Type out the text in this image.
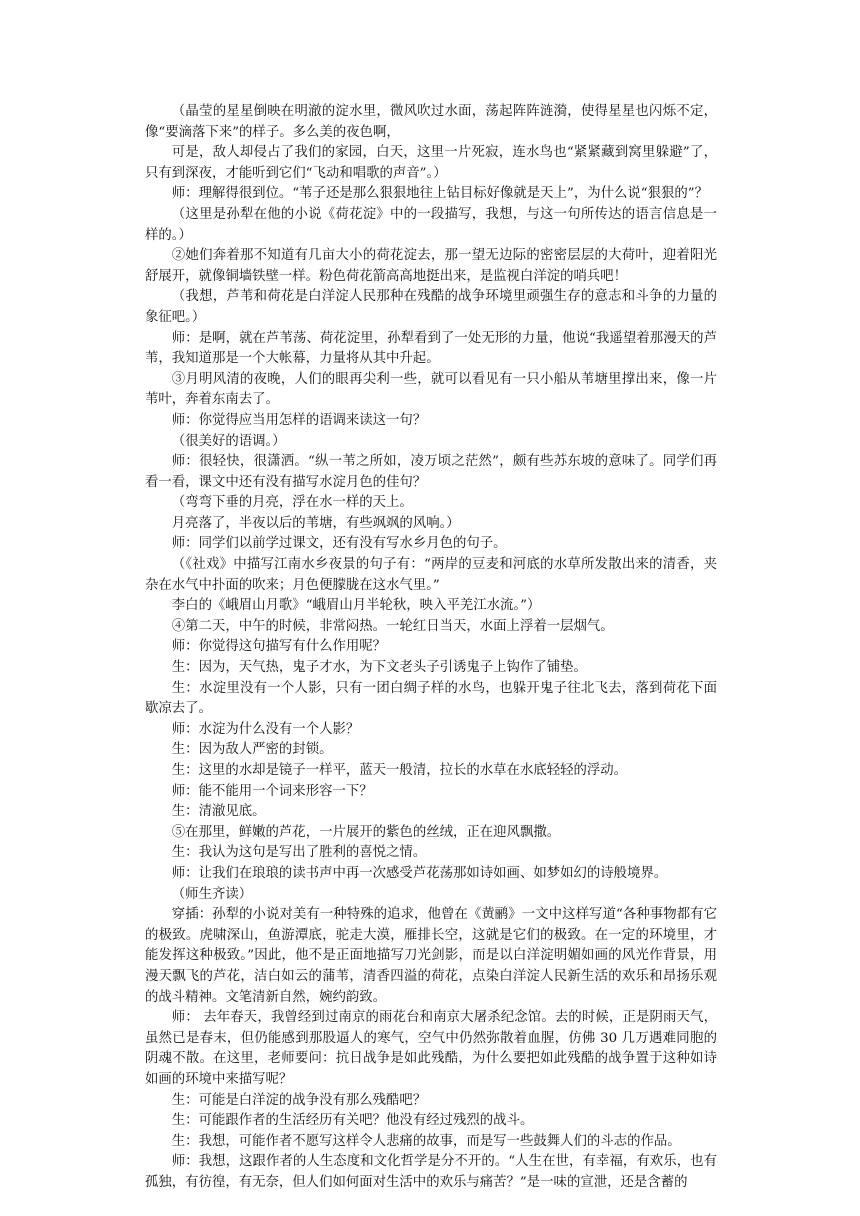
（晶莹的星星倒映在明澈的淀水里，微风吹过水面，荡起阵阵涟漪，使得星星也闪烁不定，像“要滴落下来”的样子。多么美的夜色啊，

可是，敌人却侵占了我们的家园，白天，这里一片死寂，连水鸟也“紧紧藏到窝里躲避”了，只有到深夜，才能听到它们“飞动和唱歌的声音”。）

师：理解得很到位。“苇子还是那么狠狠地往上钻目标好像就是天上”，为什么说“狠狠的”？

（这里是孙犁在他的小说《荷花淀》中的一段描写，我想，与这一句所传达的语言信息是一样的。）

②她们奔着那不知道有几亩大小的荷花淀去，那一望无边际的密密层层的大荷叶，迎着阳光舒展开，就像铜墙铁壁一样。粉色荷花箭高高地挺出来，是监视白洋淀的哨兵吧！

（我想，芦苇和荷花是白洋淀人民那种在残酷的战争环境里顽强生存的意志和斗争的力量的象征吧。）

师：是啊，就在芦苇荡、荷花淀里，孙犁看到了一处无形的力量，他说“我遥望着那漫天的芦苇，我知道那是一个大帐幕，力量将从其中升起。

③月明风清的夜晚，人们的眼再尖利一些，就可以看见有一只小船从苇塘里撑出来，像一片苇叶，奔着东南去了。

师：你觉得应当用怎样的语调来读这一句？

（很美好的语调。）

师：很轻快，很潇洒。“纵一苇之所如，凌万顷之茫然”，颇有些苏东坡的意味了。同学们再看一看，课文中还有没有描写水淀月色的佳句？

（弯弯下垂的月亮，浮在水一样的天上。

月亮落了，半夜以后的苇塘，有些飒飒的风响。）

师：同学们以前学过课文，还有没有写水乡月色的句子。

（《社戏》中描写江南水乡夜景的句子有：“两岸的豆麦和河底的水草所发散出来的清香，夹杂在水气中扑面的吹来；月色便朦胧在这水气里。”

李白的《峨眉山月歌》“峨眉山月半轮秋，映入平羌江水流。”）

④第二天，中午的时候，非常闷热。一轮红日当天，水面上浮着一层烟气。

师：你觉得这句描写有什么作用呢？

生：因为，天气热，鬼子才水，为下文老头子引诱鬼子上钩作了铺垫。

生：水淀里没有一个人影，只有一团白绸子样的水鸟，也躲开鬼子往北飞去，落到荷花下面歇凉去了。

师：水淀为什么没有一个人影？

生：因为敌人严密的封锁。

生：这里的水却是镜子一样平，蓝天一般清，拉长的水草在水底轻轻的浮动。

师：能不能用一个词来形容一下？

生：清澈见底。

⑤在那里，鲜嫩的芦花，一片展开的紫色的丝绒，正在迎风飘撒。

生：我认为这句是写出了胜利的喜悦之情。

师：让我们在琅琅的读书声中再一次感受芦花荡那如诗如画、如梦如幻的诗般境界。

（师生齐读）

穿插：孙犁的小说对美有一种特殊的追求，他曾在《黄鹂》一文中这样写道“各种事物都有它的极致。虎啸深山，鱼游潭底，驼走大漠，雁排长空，这就是它们的极致。在一定的环境里，才能发挥这种极致。”因此，他不是正面地描写刀光剑影，而是以白洋淀明媚如画的风光作背景，用漫天飘飞的芦花，洁白如云的蒲苇，清香四溢的荷花，点染白洋淀人民新生活的欢乐和昂扬乐观的战斗精神。文笔清新自然，婉约韵致。

师： 去年春天，我曾经到过南京的雨花台和南京大屠杀纪念馆。去的时候，正是阴雨天气，虽然已是春末，但仍能感到那股逼人的寒气，空气中仍然弥散着血腥，仿佛 30 几万遇难同胞的阴魂不散。在这里，老师要问：抗日战争是如此残酷，为什么要把如此残酷的战争置于这种如诗如画的环境中来描写呢？

生：可能是白洋淀的战争没有那么残酷吧？

生：可能跟作者的生活经历有关吧？他没有经过残烈的战斗。

生：我想，可能作者不愿写这样令人悲痛的故事，而是写一些鼓舞人们的斗志的作品。

师：我想，这跟作者的人生态度和文化哲学是分不开的。“人生在世，有幸福，有欢乐，也有孤独，有彷徨，有无奈，但人们如何面对生活中的欢乐与痛苦？”是一味的宣泄，还是含蓄的
